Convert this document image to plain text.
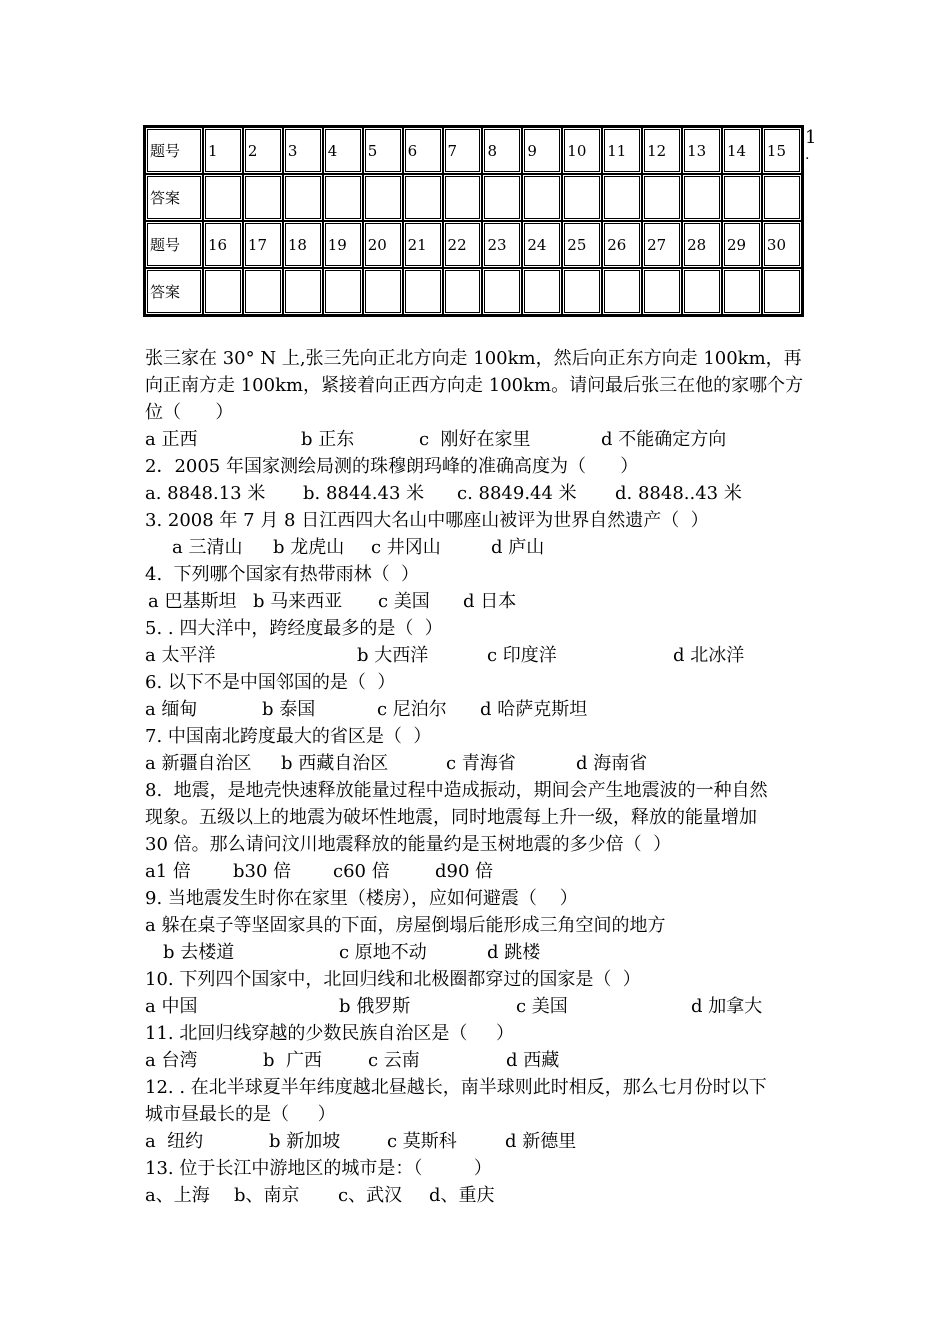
题号	1	2	3	4	5	6	7	8	9	10	11	12	13	14	15
答案															
题号	16	17	18	19	20	21	22	23	24	25	26	27	28	29	30
答案															
1
.
张三家在 30° N 上,张三先向正北方向走 100km，然后向正东方向走 100km，再
向正南方走 100km，紧接着向正西方向走 100km。请问最后张三在他的家哪个方
位（      ）
a 正西	b 正东	c  刚好在家里	d 不能确定方向
2．2005 年国家测绘局测的珠穆朗玛峰的准确高度为（      ）
a. 8848.13 米 b. 8844.43 米 c. 8849.44 米 d. 8848..43 米
3. 2008 年 7 月 8 日江西四大名山中哪座山被评为世界自然遗产（  ）
a 三清山 b 龙虎山 c 井冈山	d 庐山
4.  下列哪个国家有热带雨林（  ）
a 巴基斯坦 b 马来西亚 c 美国 d 日本
5. . 四大洋中，跨经度最多的是（  ）
a 太平洋	b 大西洋	c 印度洋	d 北冰洋
6. 以下不是中国邻国的是（  ）
a 缅甸	b 泰国	c 尼泊尔 d 哈萨克斯坦
7. 中国南北跨度最大的省区是（  ）
a 新疆自治区 b 西藏自治区	c 青海省	d 海南省
8.  地震，是地壳快速释放能量过程中造成振动，期间会产生地震波的一种自然
现象。五级以上的地震为破坏性地震，同时地震每上升一级，释放的能量增加
30 倍。那么请问汶川地震释放的能量约是玉树地震的多少倍（  ）
a1 倍 b30 倍 c60 倍	d90 倍
9. 当地震发生时你在家里（楼房），应如何避震（    ）
a 躲在桌子等坚固家具的下面，房屋倒塌后能形成三角空间的地方
b 去楼道	c 原地不动	d 跳楼
10. 下列四个国家中，北回归线和北极圈都穿过的国家是（  ）
a 中国	b 俄罗斯	c 美国	d 加拿大
11. 北回归线穿越的少数民族自治区是（     ）
a 台湾	b  广西	c 云南	d 西藏
12. . 在北半球夏半年纬度越北昼越长，南半球则此时相反，那么七月份时以下
城市昼最长的是（     ）
a  纽约	b 新加坡	c 莫斯科	d 新德里
13. 位于长江中游地区的城市是：（         ）
a、上海 b、南京 c、武汉 d、重庆
